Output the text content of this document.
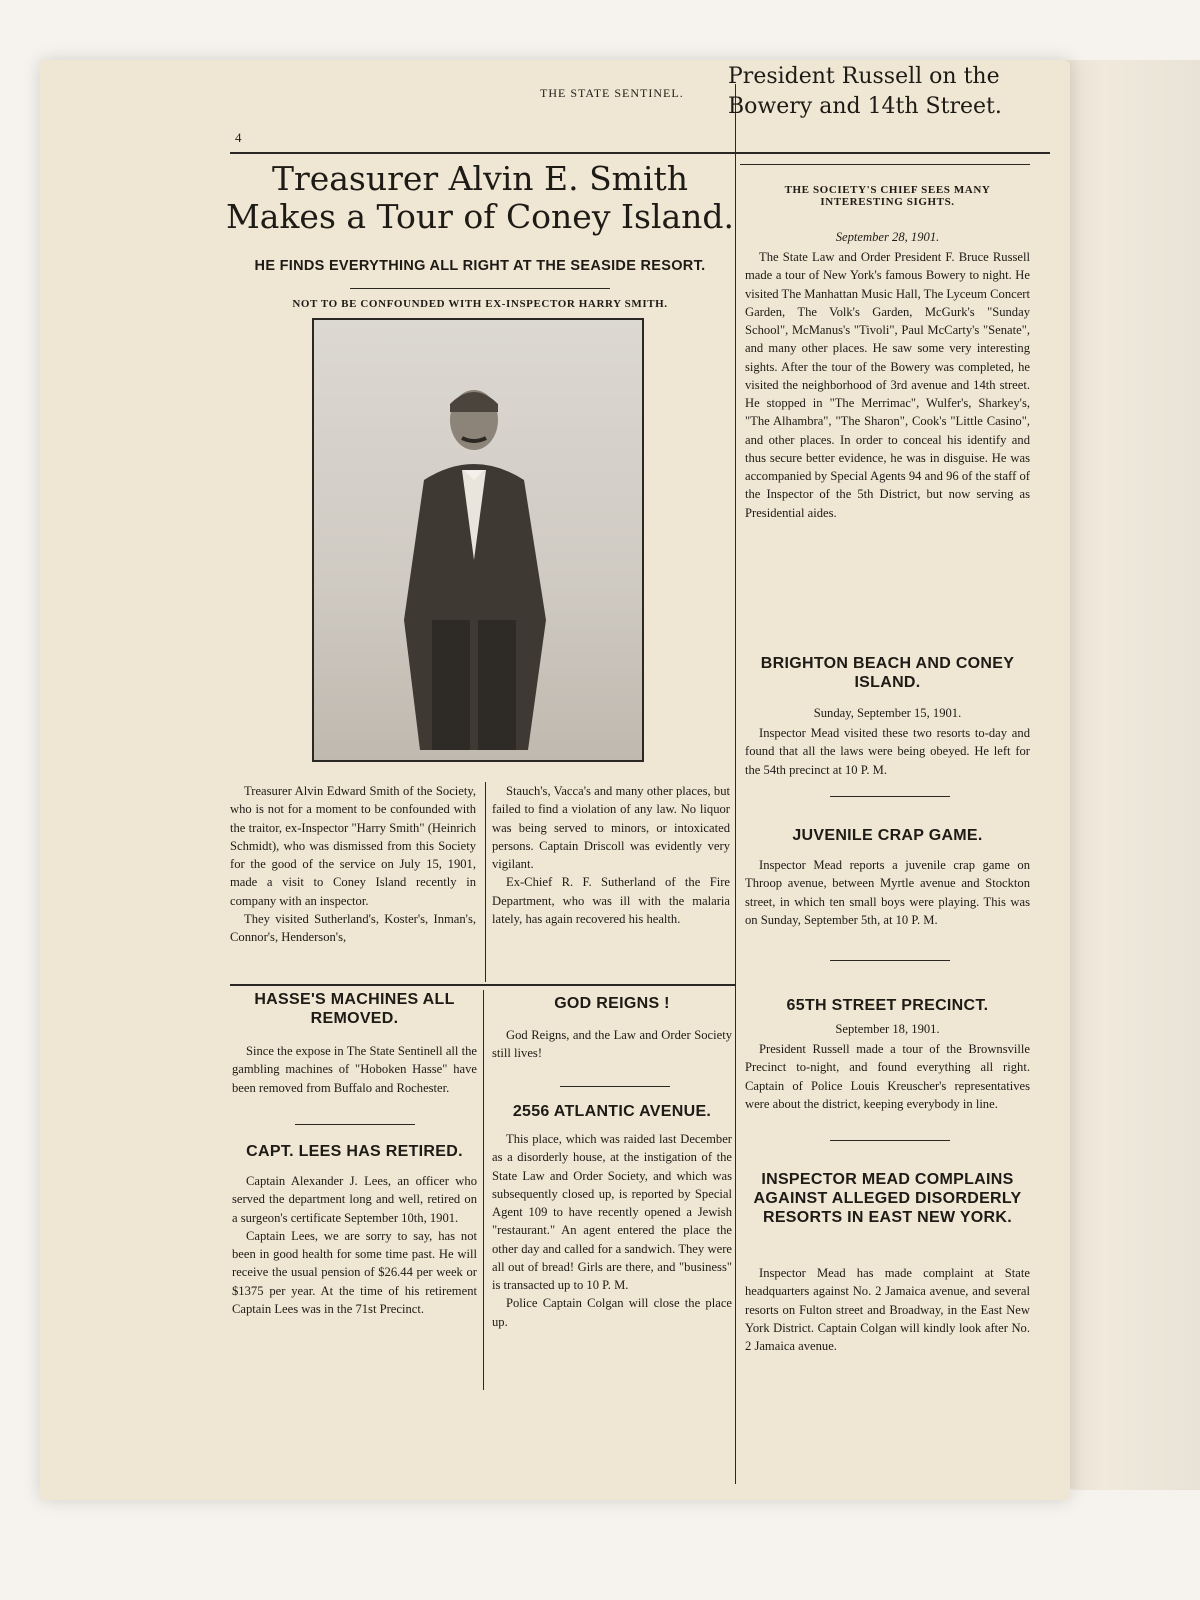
THE STATE SENTINEL.
4
Treasurer Alvin E. Smith Makes a Tour of Coney Island.
HE FINDS EVERYTHING ALL RIGHT AT THE SEASIDE RESORT.
NOT TO BE CONFOUNDED WITH EX-INSPECTOR HARRY SMITH.

Treasurer Alvin Edward Smith of the Society, who is not for a moment to be confounded with the traitor, ex-Inspector "Harry Smith" (Heinrich Schmidt), who was dismissed from this Society for the good of the service on July 15, 1901, made a visit to Coney Island recently in company with an inspector.

They visited Sutherland's, Koster's, Inman's, Connor's, Henderson's,

Stauch's, Vacca's and many other places, but failed to find a violation of any law. No liquor was being served to minors, or intoxicated persons. Captain Driscoll was evidently very vigilant.

Ex-Chief R. F. Sutherland of the Fire Department, who was ill with the malaria lately, has again recovered his health.

HASSE'S MACHINES ALL REMOVED.

Since the expose in The State Sentinell all the gambling machines of "Hoboken Hasse" have been removed from Buffalo and Rochester.

CAPT. LEES HAS RETIRED.

Captain Alexander J. Lees, an officer who served the department long and well, retired on a surgeon's certificate September 10th, 1901.

Captain Lees, we are sorry to say, has not been in good health for some time past. He will receive the usual pension of $26.44 per week or $1375 per year. At the time of his retirement Captain Lees was in the 71st Precinct.

GOD REIGNS !

God Reigns, and the Law and Order Society still lives!

2556 ATLANTIC AVENUE.

This place, which was raided last December as a disorderly house, at the instigation of the State Law and Order Society, and which was subsequently closed up, is reported by Special Agent 109 to have recently opened a Jewish "restaurant." An agent entered the place the other day and called for a sandwich. They were all out of bread! Girls are there, and "business" is transacted up to 10 P. M.

Police Captain Colgan will close the place up.

President Russell on the Bowery and 14th Street.
THE SOCIETY'S CHIEF SEES MANY INTERESTING SIGHTS.
September 28, 1901.

The State Law and Order President F. Bruce Russell made a tour of New York's famous Bowery to night. He visited The Manhattan Music Hall, The Lyceum Concert Garden, The Volk's Garden, McGurk's "Sunday School", McManus's "Tivoli", Paul McCarty's "Senate", and many other places. He saw some very interesting sights. After the tour of the Bowery was completed, he visited the neighborhood of 3rd avenue and 14th street. He stopped in "The Merrimac", Wulfer's, Sharkey's, "The Alhambra", "The Sharon", Cook's "Little Casino", and other places. In order to conceal his identify and thus secure better evidence, he was in disguise. He was accompanied by Special Agents 94 and 96 of the staff of the Inspector of the 5th District, but now serving as Presidential aides.

BRIGHTON BEACH AND CONEY ISLAND.
Sunday, September 15, 1901.

Inspector Mead visited these two resorts to-day and found that all the laws were being obeyed. He left for the 54th precinct at 10 P. M.

JUVENILE CRAP GAME.

Inspector Mead reports a juvenile crap game on Throop avenue, between Myrtle avenue and Stockton street, in which ten small boys were playing. This was on Sunday, September 5th, at 10 P. M.

65TH STREET PRECINCT.
September 18, 1901.

President Russell made a tour of the Brownsville Precinct to-night, and found everything all right. Captain of Police Louis Kreuscher's representatives were about the district, keeping everybody in line.

INSPECTOR MEAD COMPLAINS AGAINST ALLEGED DISORDERLY RESORTS IN EAST NEW YORK.

Inspector Mead has made complaint at State headquarters against No. 2 Jamaica avenue, and several resorts on Fulton street and Broadway, in the East New York District. Captain Colgan will kindly look after No. 2 Jamaica avenue.
